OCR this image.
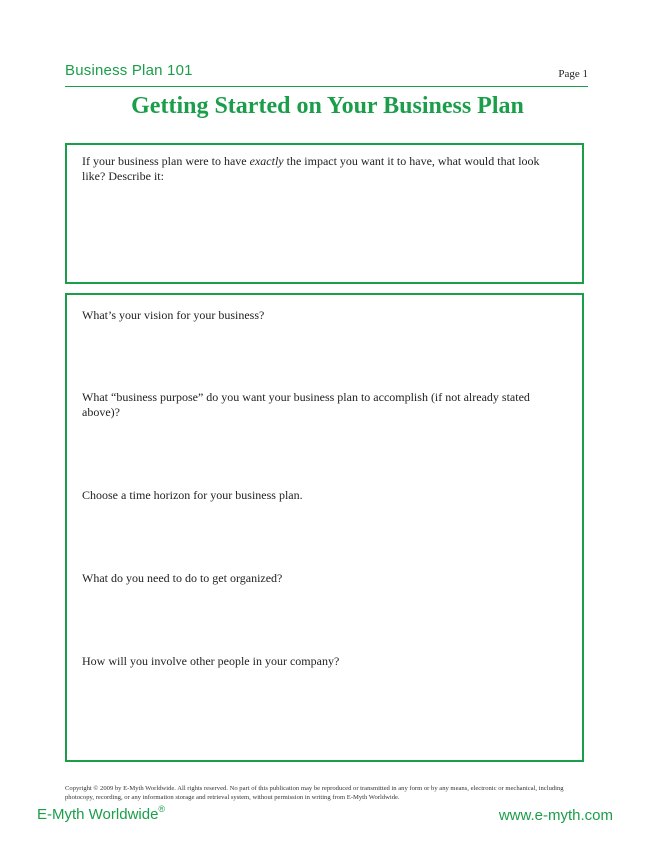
Business Plan 101	Page 1
Getting Started on Your Business Plan
If your business plan were to have exactly the impact you want it to have, what would that look like? Describe it:
What’s your vision for your business?
What “business purpose” do you want your business plan to accomplish (if not already stated above)?
Choose a time horizon for your business plan.
What do you need to do to get organized?
How will you involve other people in your company?
Copyright © 2009 by E-Myth Worldwide. All rights reserved. No part of this publication may be reproduced or transmitted in any form or by any means, electronic or mechanical, including photocopy, recording, or any information storage and retrieval system, without permission in writing from E-Myth Worldwide.
E-Myth Worldwide®	www.e-myth.com
